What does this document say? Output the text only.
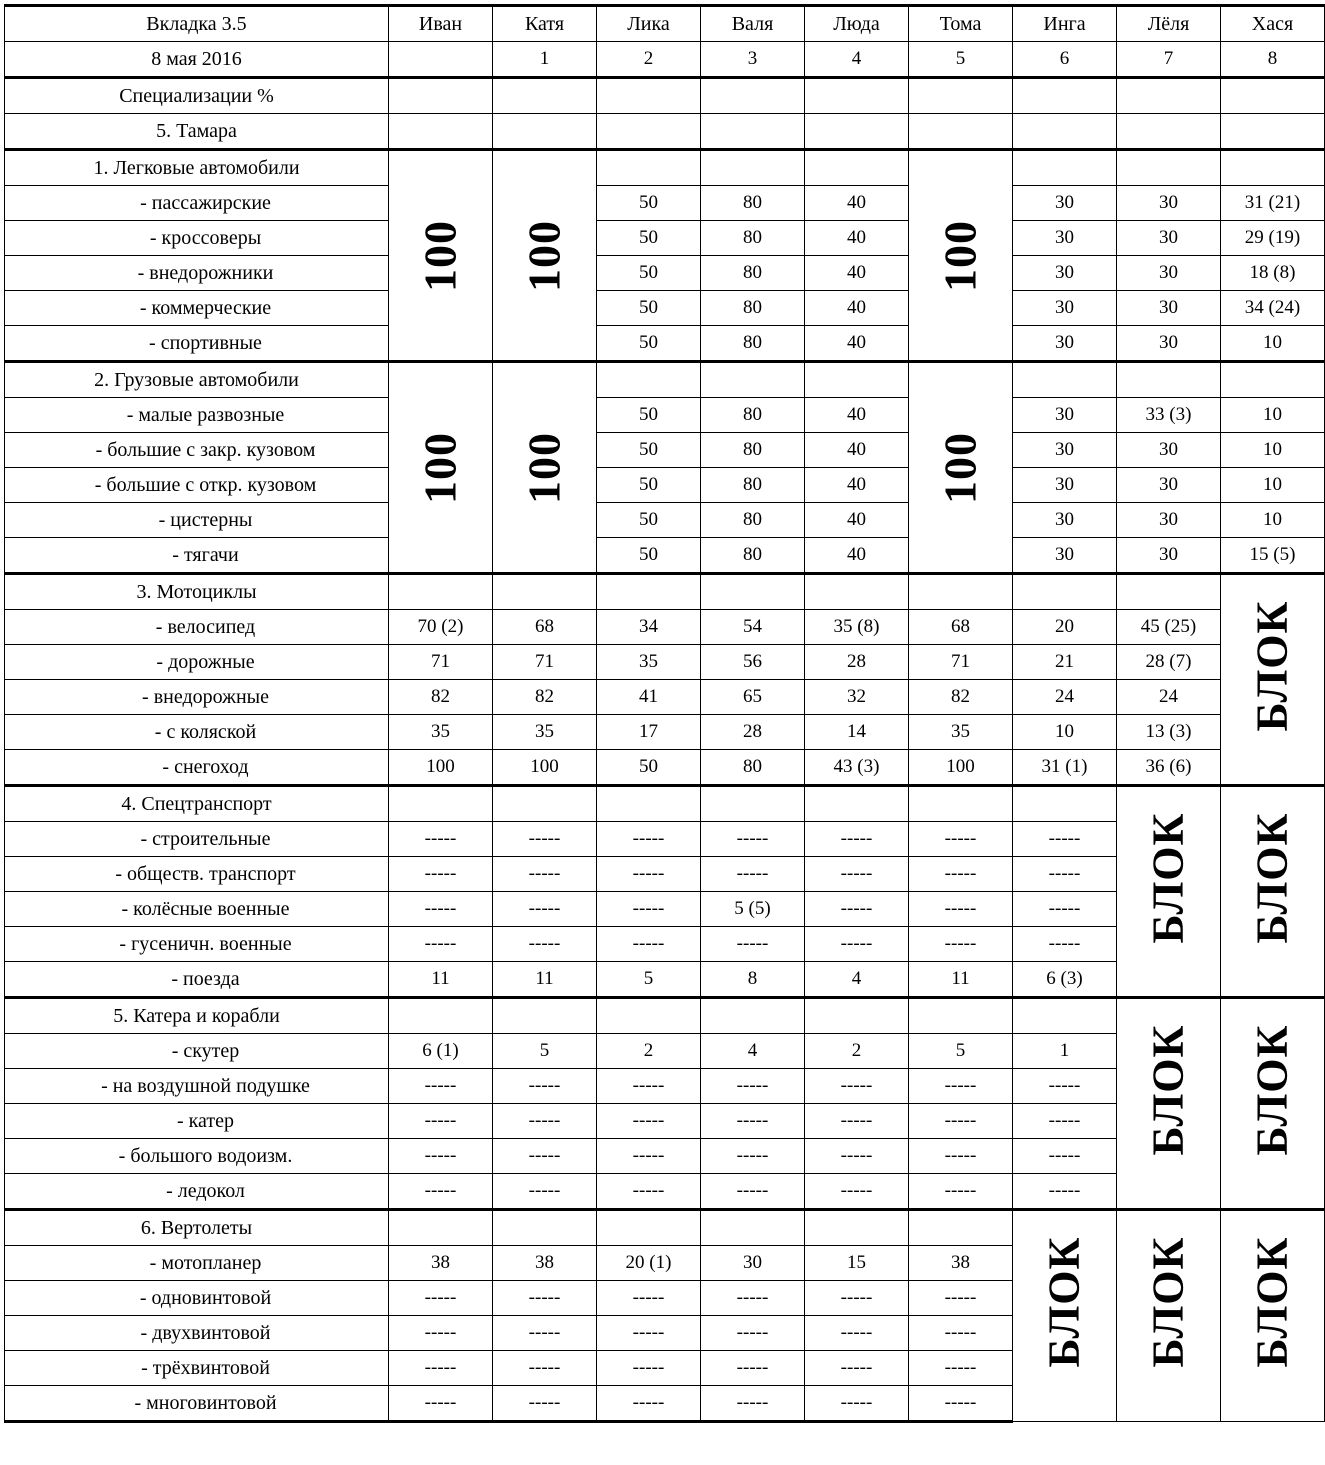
Вкладка 3.5	Иван	Катя	Лика	Валя	Люда	Тома	Инга	Лёля	Хася
8 мая 2016		1	2	3	4	5	6	7	8
Специализации %									
5. Тамара									
1. Легковые автомобили	100	100				100			

- пассажирские			50	80	40		30	30	31 (21)
- кроссоверы			50	80	40		30	30	29 (19)
- внедорожники			50	80	40		30	30	18 (8)
- коммерческие			50	80	40		30	30	34 (24)
- спортивные			50	80	40		30	30	10
2. Грузовые автомобили	100	100				100			

- малые развозные			50	80	40		30	33 (3)	10
- большие с закр. кузовом			50	80	40		30	30	10
- большие с откр. кузовом			50	80	40		30	30	10
- цистерны			50	80	40		30	30	10
- тягачи			50	80	40		30	30	15 (5)
3. Мотоциклы									БЛОК

- велосипед	70 (2)	68	34	54	35 (8)	68	20	45 (25)	
- дорожные	71	71	35	56	28	71	21	28 (7)	
- внедорожные	82	82	41	65	32	82	24	24	
- с коляской	35	35	17	28	14	35	10	13 (3)	
- снегоход	100	100	50	80	43 (3)	100	31 (1)	36 (6)	
4. Спецтранспорт								БЛОК	БЛОК

- строительные	-----	-----	-----	-----	-----	-----	-----		
- обществ. транспорт	-----	-----	-----	-----	-----	-----	-----		
- колёсные военные	-----	-----	-----	5 (5)	-----	-----	-----		
- гусеничн. военные	-----	-----	-----	-----	-----	-----	-----		
- поезда	11	11	5	8	4	11	6 (3)		
5. Катера и корабли								БЛОК	БЛОК

- скутер	6 (1)	5	2	4	2	5	1		
- на воздушной подушке	-----	-----	-----	-----	-----	-----	-----		
- катер	-----	-----	-----	-----	-----	-----	-----		
- большого водоизм.	-----	-----	-----	-----	-----	-----	-----		
- ледокол	-----	-----	-----	-----	-----	-----	-----		
6. Вертолеты							БЛОК	БЛОК	БЛОК

- мотопланер	38	38	20 (1)	30	15	38			
- одновинтовой	-----	-----	-----	-----	-----	-----			
- двухвинтовой	-----	-----	-----	-----	-----	-----			
- трёхвинтовой	-----	-----	-----	-----	-----	-----			
- многовинтовой	-----	-----	-----	-----	-----	-----			
